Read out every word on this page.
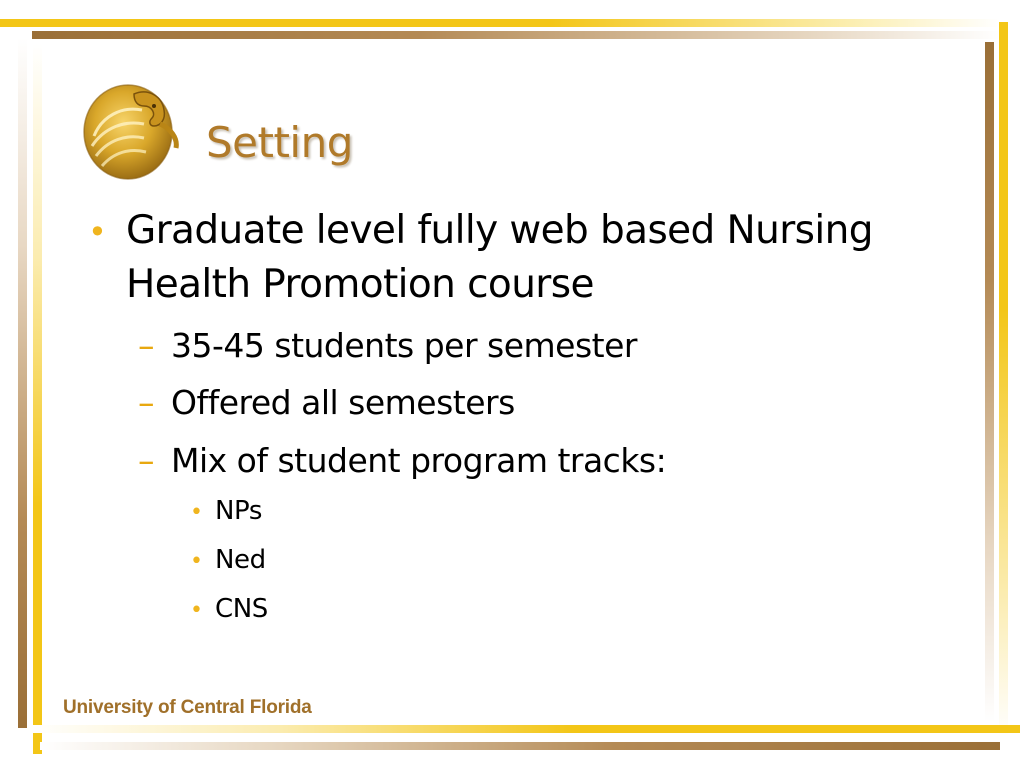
Setting
• Graduate level fully web based Nursing
Health Promotion course
– 35-45 students per semester
– Offered all semesters
– Mix of student program tracks:
• NPs
• Ned
• CNS
University of Central Florida
